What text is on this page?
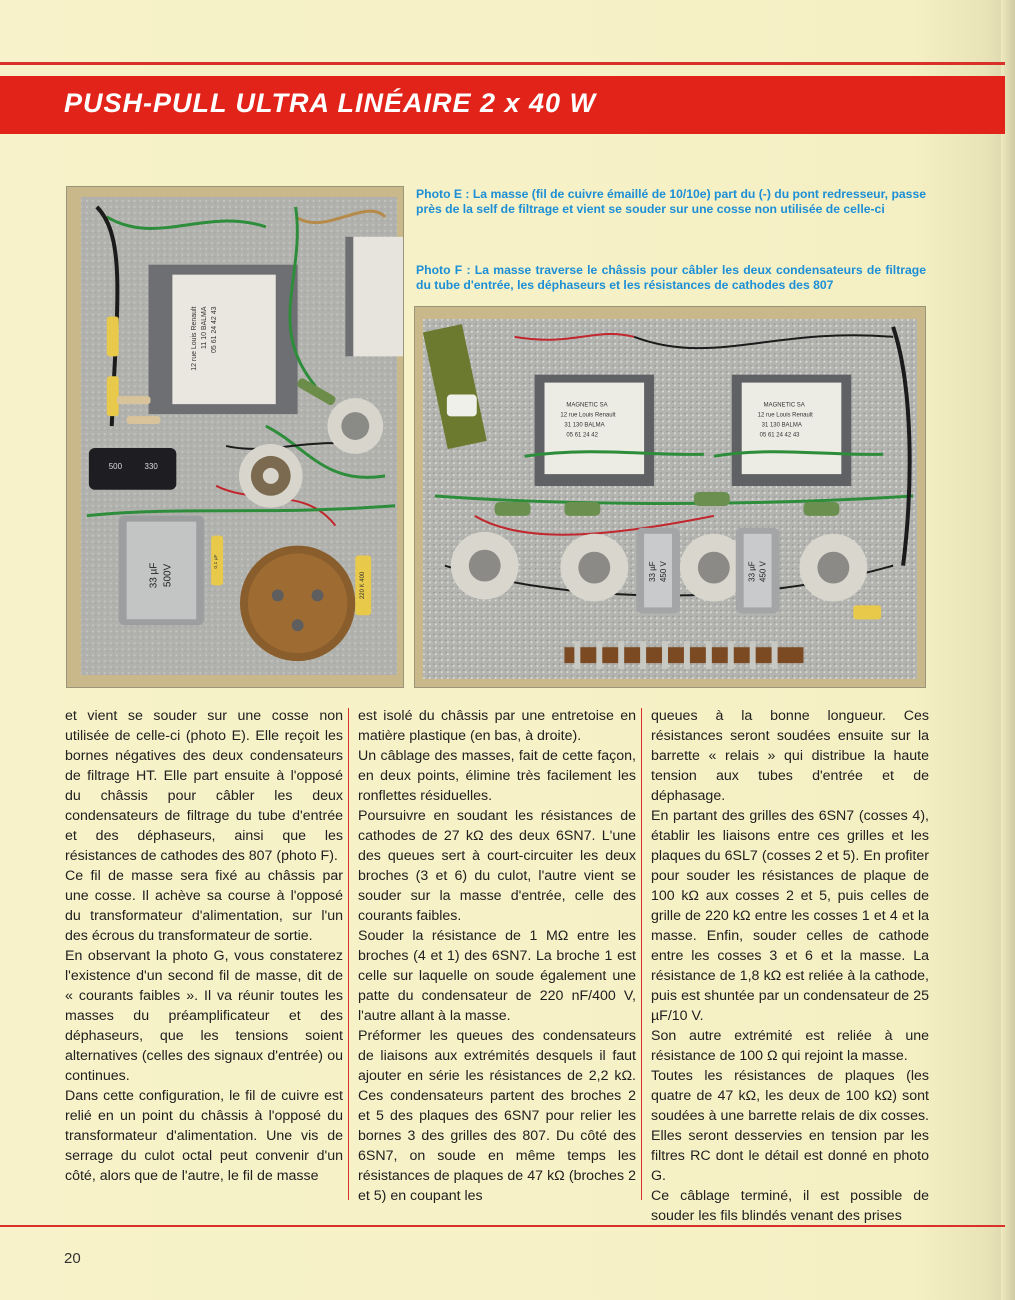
PUSH-PULL ULTRA LINÉAIRE 2 x 40 W
11 10 BALMA
12 rue Louis Renault 05 61 24 42 43
500	330
33 µF 500V	220 K 400
0,1 µF
Photo E : La masse (fil de cuivre émaillé de 10/10e) part du (-) du pont redresseur, passe près de la self de filtrage et vient se souder sur une cosse non utilisée de celle-ci
Photo F : La masse traverse le châssis pour câbler les deux condensateurs de filtrage du tube d'entrée, les déphaseurs et les résistances de cathodes des 807
MAGNETIC SA
12 rue Louis Renault
31 130 BALMA
05 61 24 42
MAGNETIC SA
12 rue Louis Renault
31 130 BALMA
05 61 24 42 43
33 µF 450 V	33 µF 450 V

et vient se souder sur une cosse non utilisée de celle-ci (photo E). Elle reçoit les bornes négatives des deux condensateurs de filtrage HT. Elle part ensuite à l'opposé du châssis pour câbler les deux condensateurs de filtrage du tube d'entrée et des déphaseurs, ainsi que les résistances de cathodes des 807 (photo F).

Ce fil de masse sera fixé au châssis par une cosse. Il achève sa course à l'opposé du transformateur d'alimentation, sur l'un des écrous du transformateur de sortie.

En observant la photo G, vous constaterez l'existence d'un second fil de masse, dit de « courants faibles ». Il va réunir toutes les masses du préamplificateur et des déphaseurs, que les tensions soient alternatives (celles des signaux d'entrée) ou continues.

Dans cette configuration, le fil de cuivre est relié en un point du châssis à l'opposé du transformateur d'alimentation. Une vis de serrage du culot octal peut convenir d'un côté, alors que de l'autre, le fil de masse

est isolé du châssis par une entretoise en matière plastique (en bas, à droite).

Un câblage des masses, fait de cette façon, en deux points, élimine très facilement les ronflettes résiduelles.

Poursuivre en soudant les résistances de cathodes de 27 kΩ des deux 6SN7. L'une des queues sert à court-circuiter les deux broches (3 et 6) du culot, l'autre vient se souder sur la masse d'entrée, celle des courants faibles.

Souder la résistance de 1 MΩ entre les broches (4 et 1) des 6SN7. La broche 1 est celle sur laquelle on soude également une patte du condensateur de 220 nF/400 V, l'autre allant à la masse.

Préformer les queues des condensateurs de liaisons aux extrémités desquels il faut ajouter en série les résistances de 2,2 kΩ. Ces condensateurs partent des broches 2 et 5 des plaques des 6SN7 pour relier les bornes 3 des grilles des 807. Du côté des 6SN7, on soude en même temps les résistances de plaques de 47 kΩ (broches 2 et 5) en coupant les

queues à la bonne longueur. Ces résistances seront soudées ensuite sur la barrette « relais » qui distribue la haute tension aux tubes d'entrée et de déphasage.

En partant des grilles des 6SN7 (cosses 4), établir les liaisons entre ces grilles et les plaques du 6SL7 (cosses 2 et 5). En profiter pour souder les résistances de plaque de 100 kΩ aux cosses 2 et 5, puis celles de grille de 220 kΩ entre les cosses 1 et 4 et la masse. Enfin, souder celles de cathode entre les cosses 3 et 6 et la masse. La résistance de 1,8 kΩ est reliée à la cathode, puis est shuntée par un condensateur de 25 µF/10 V.

Son autre extrémité est reliée à une résistance de 100 Ω qui rejoint la masse.

Toutes les résistances de plaques (les quatre de 47 kΩ, les deux de 100 kΩ) sont soudées à une barrette relais de dix cosses. Elles seront desservies en tension par les filtres RC dont le détail est donné en photo G.

Ce câblage terminé, il est possible de souder les fils blindés venant des prises

20
